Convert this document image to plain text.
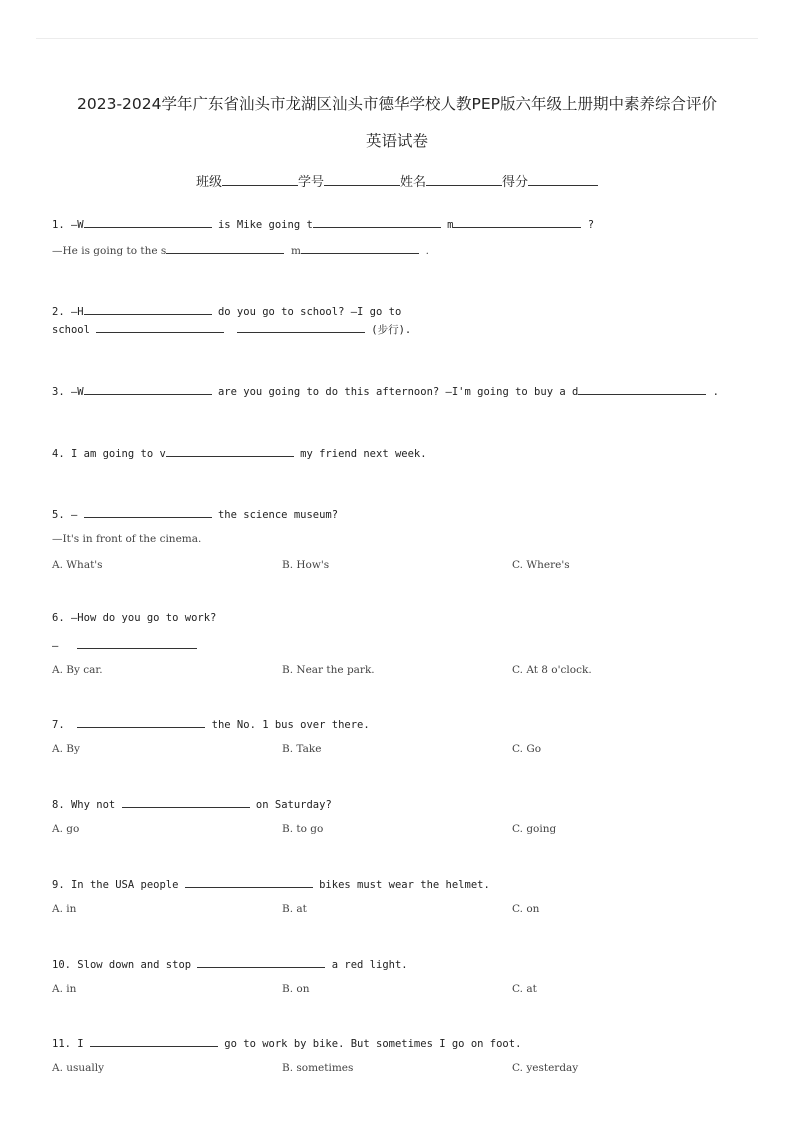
2023-2024学年广东省汕头市龙湖区汕头市德华学校人教PEP版六年级上册期中素养综合评价
英语试卷
班级	学号	姓名	得分
1. —W	is Mike going t	m	?
—He is going to the s	m	.
2. —H	do you go to school? —I go to
school	(步行).
3. —W	are you going to do this afternoon? —I'm going to buy a d	.
4. I am going to v	my friend next week.
5. —	the science museum?
—It's in front of the cinema.
A. What's	B. How's	C. Where's
6. —How do you go to work?
—
A. By car.	B. Near the park.	C. At 8 o'clock.
7.	the No. 1 bus over there.
A. By	B. Take	C. Go
8. Why not	on Saturday?
A. go	B. to go	C. going
9. In the USA people	bikes must wear the helmet.
A. in	B. at	C. on
10. Slow down and stop	a red light.
A. in	B. on	C. at
11. I	go to work by bike. But sometimes I go on foot.
A. usually	B. sometimes	C. yesterday
